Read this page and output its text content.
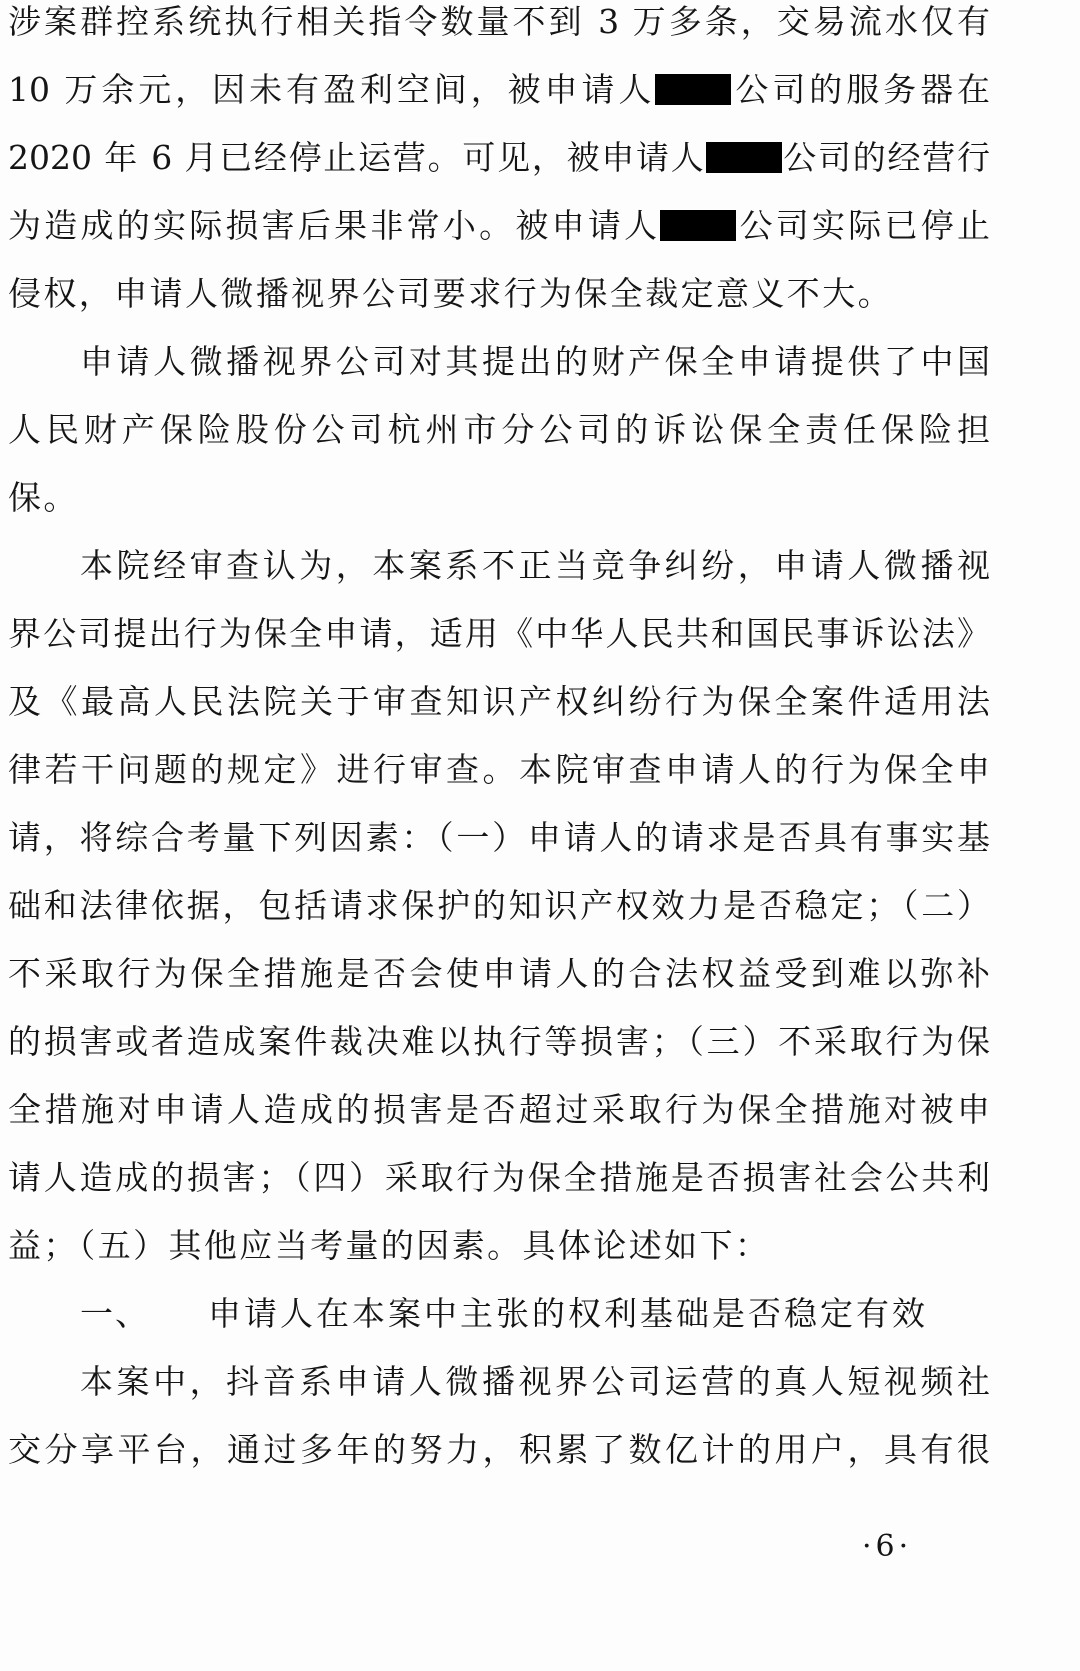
涉案群控系统执行相关指令数量不到 3 万多条，交易流水仅有
10 万余元，因未有盈利空间，被申请人 公司的服务器在
2020 年 6 月已经停止运营。可见，被申请人 公司的经营行
为造成的实际损害后果非常小。被申请人 公司实际已停止
侵权，申请人微播视界公司要求行为保全裁定意义不大。
申请人微播视界公司对其提出的财产保全申请提供了中国
人民财产保险股份公司杭州市分公司的诉讼保全责任保险担
保。
本院经审查认为，本案系不正当竞争纠纷，申请人微播视
界公司提出行为保全申请，适用《中华人民共和国民事诉讼法》
及《最高人民法院关于审查知识产权纠纷行为保全案件适用法
律若干问题的规定》进行审查。本院审查申请人的行为保全申
请，将综合考量下列因素：（一）申请人的请求是否具有事实基
础和法律依据，包括请求保护的知识产权效力是否稳定；（二）
不采取行为保全措施是否会使申请人的合法权益受到难以弥补
的损害或者造成案件裁决难以执行等损害；（三）不采取行为保
全措施对申请人造成的损害是否超过采取行为保全措施对被申
请人造成的损害；（四）采取行为保全措施是否损害社会公共利
益；（五）其他应当考量的因素。具体论述如下：
一、 申请人在本案中主张的权利基础是否稳定有效
本案中，抖音系申请人微播视界公司运营的真人短视频社
交分享平台，通过多年的努力，积累了数亿计的用户，具有很
·6·
